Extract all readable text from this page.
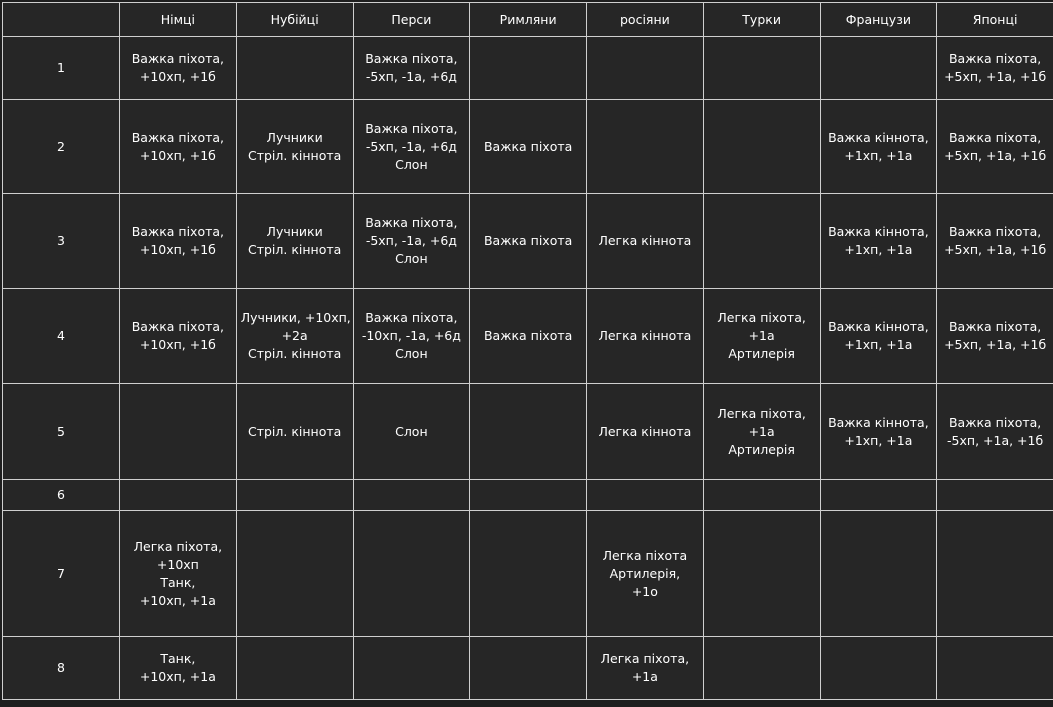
	Німці	Нубійці	Перси	Римляни	росіяни	Турки	Французи	Японці
1	Важка піхота,
+10хп, +1б		Важка піхота,
-5хп, -1а, +6д					Важка піхота,
+5хп, +1а, +1б

2	Важка піхота,
+10хп, +1б	Лучники
Стріл. кіннота	Важка піхота,
-5хп, -1а, +6д
Слон	Важка піхота			Важка кіннота,
+1хп, +1а	Важка піхота,
+5хп, +1а, +1б

3	Важка піхота,
+10хп, +1б	Лучники
Стріл. кіннота	Важка піхота,
-5хп, -1а, +6д
Слон	Важка піхота	Легка кіннота		Важка кіннота,
+1хп, +1а	Важка піхота,
+5хп, +1а, +1б

4	Важка піхота,
+10хп, +1б	Лучники, +10хп,
+2а
Стріл. кіннота	Важка піхота,
-10хп, -1а, +6д
Слон	Важка піхота	Легка кіннота	Легка піхота,
+1а
Артилерія	Важка кіннота,
+1хп, +1а	Важка піхота,
+5хп, +1а, +1б

5		Стріл. кіннота	Слон		Легка кіннота	Легка піхота,
+1а
Артилерія	Важка кіннота,
+1хп, +1а	Важка піхота,
-5хп, +1а, +1б

6								
7	Легка піхота,
+10хп
Танк,
+10хп, +1а				Легка піхота
Артилерія,
+1о			

8	Танк,
+10хп, +1а				Легка піхота,
+1а			
